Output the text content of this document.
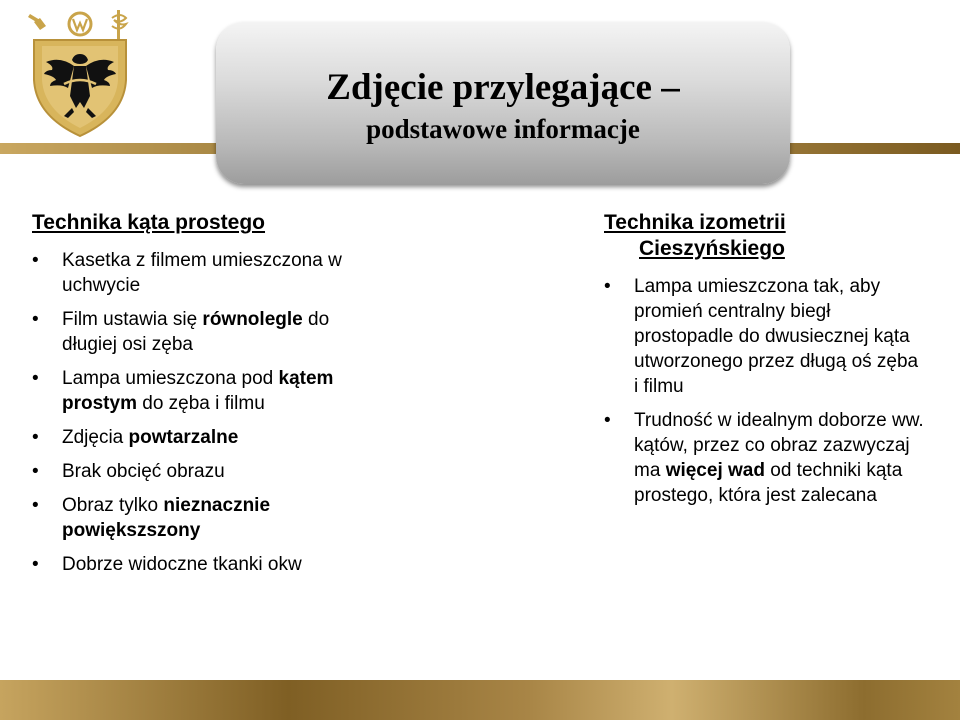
Zdjęcie przylegające –
podstawowe informacje
Technika kąta prostego
•	Kasetka z filmem umieszczona w uchwycie
•	Film ustawia się równolegle do długiej osi zęba
•	Lampa umieszczona pod kątem prostym do zęba i filmu
•	Zdjęcia powtarzalne
•	Brak obcięć obrazu
•	Obraz tylko nieznacznie powiększszony
•	Dobrze widoczne tkanki okw
Technika izometrii Cieszyńskiego
•	Lampa umieszczona tak, aby promień centralny biegł prostopadle do dwusiecznej kąta utworzonego przez długą oś zęba i filmu
•	Trudność w idealnym doborze ww. kątów, przez co obraz zazwyczaj ma więcej wad od techniki kąta prostego, która jest zalecana
